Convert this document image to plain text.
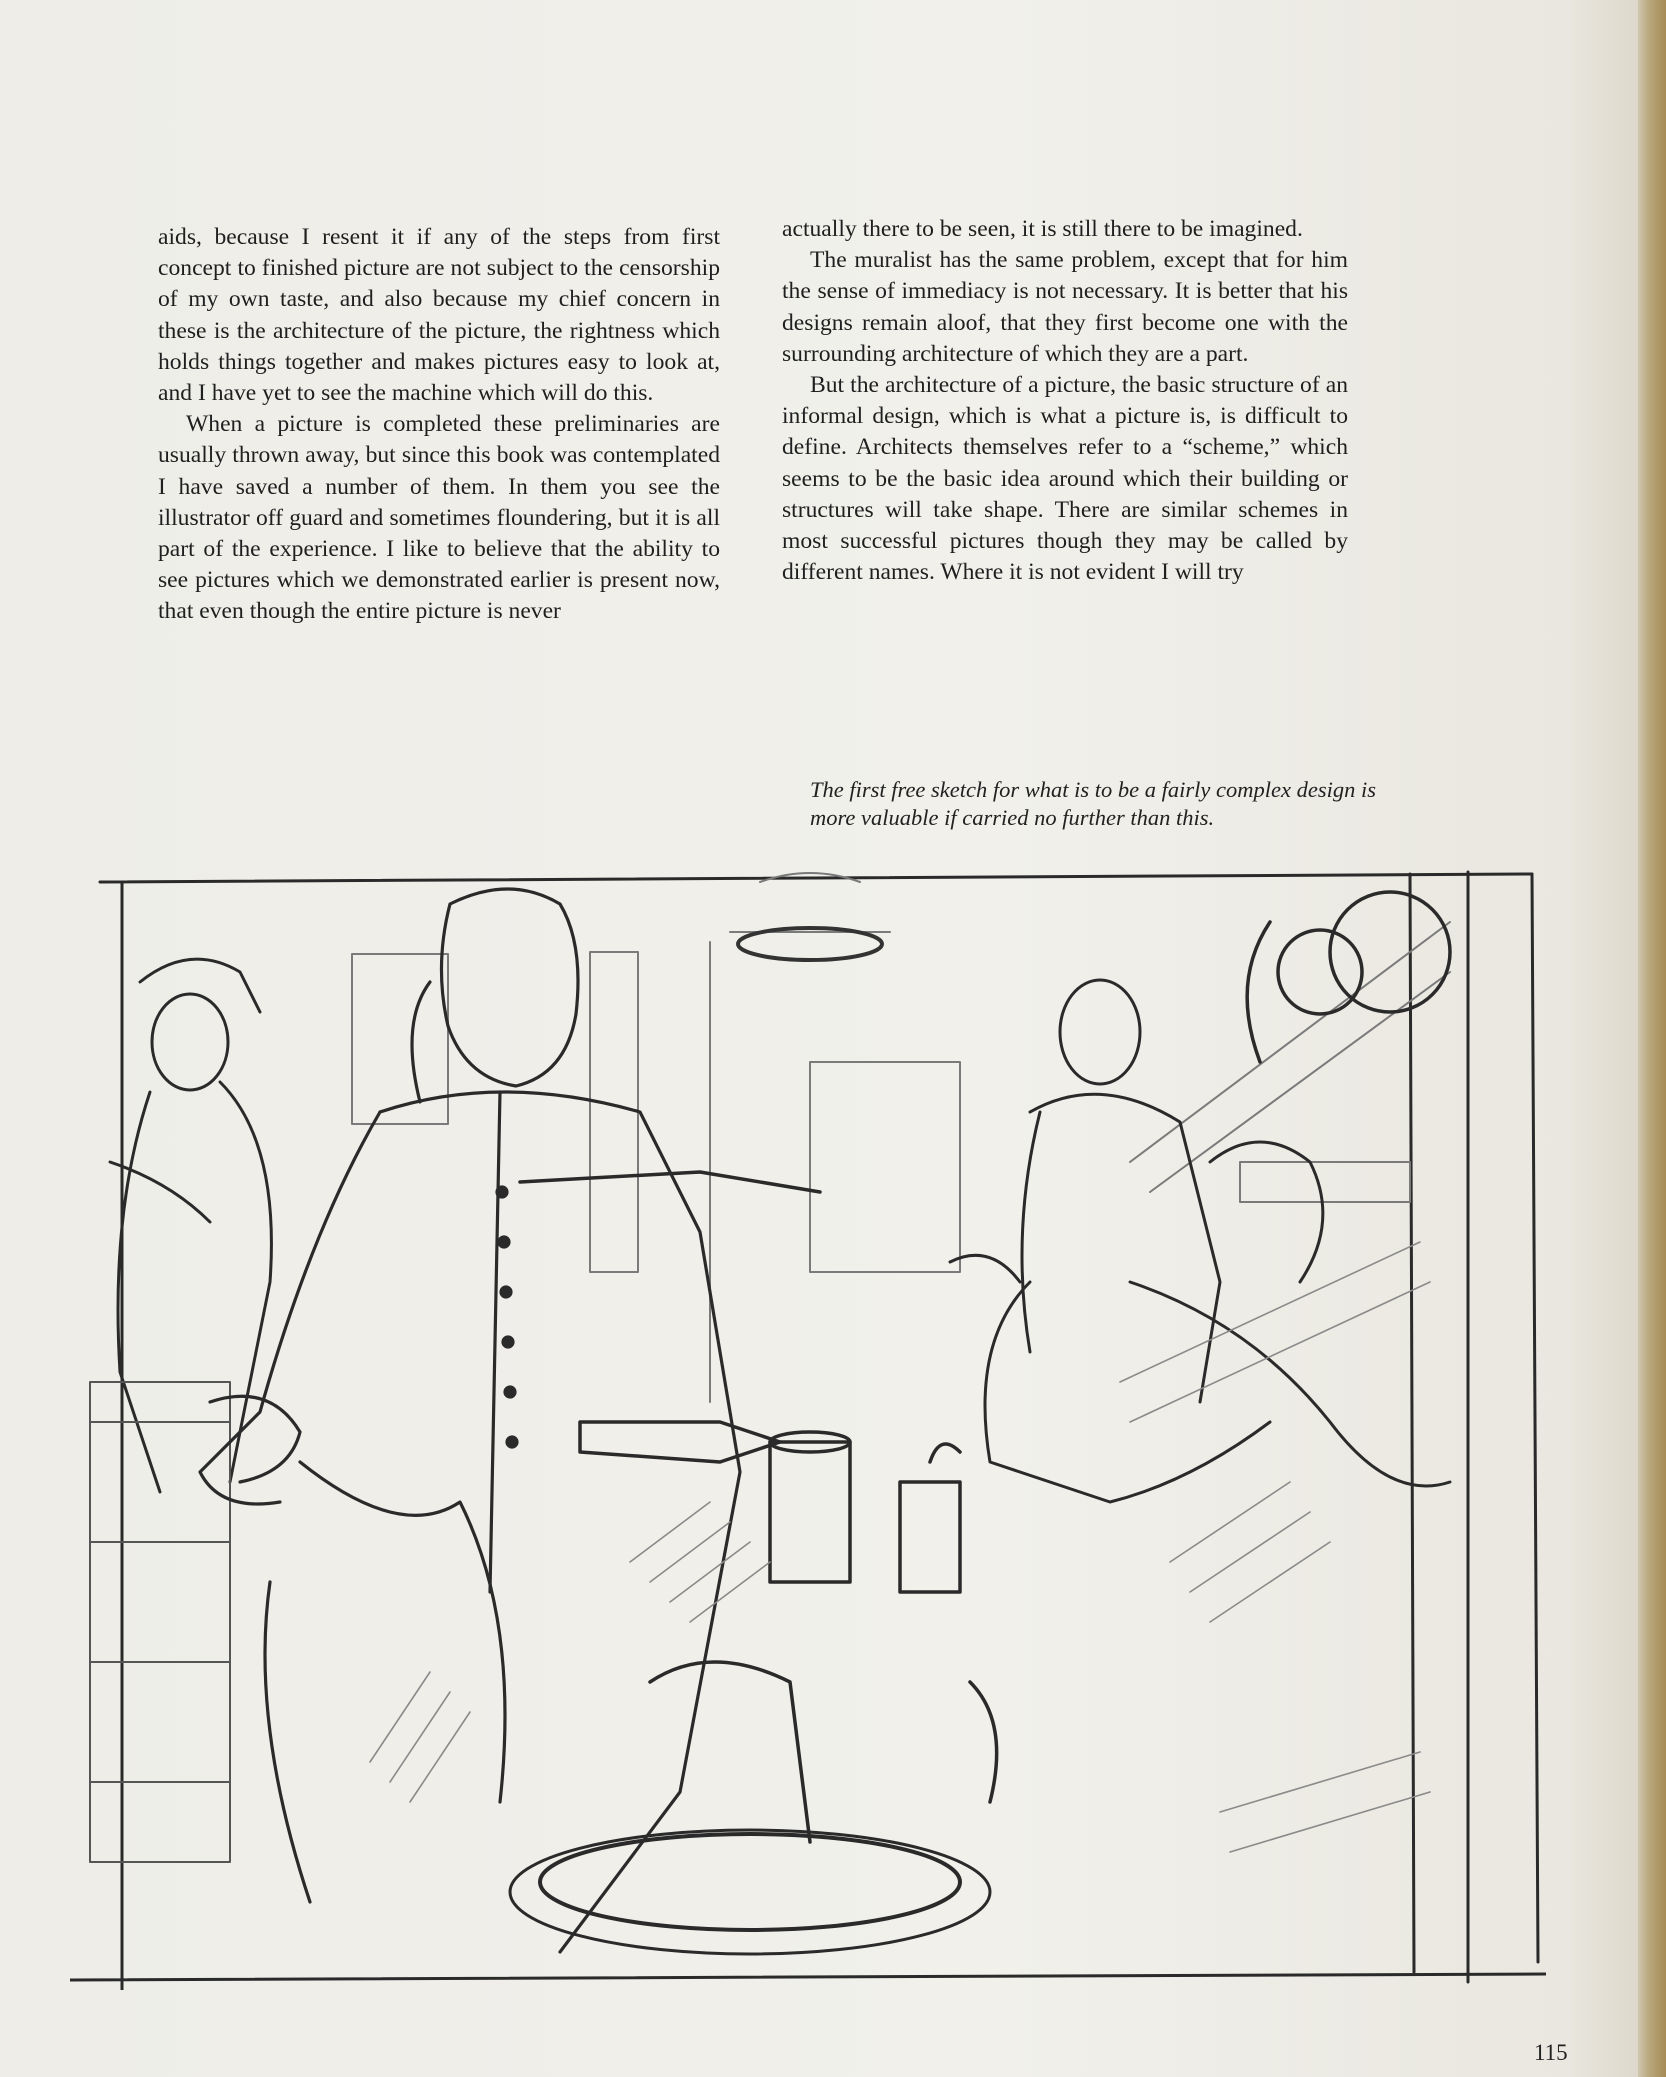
aids, because I resent it if any of the steps from first concept to finished picture are not subject to the censorship of my own taste, and also because my chief concern in these is the architecture of the picture, the rightness which holds things together and makes pictures easy to look at, and I have yet to see the machine which will do this.

When a picture is completed these preliminaries are usually thrown away, but since this book was contemplated I have saved a number of them. In them you see the illustrator off guard and sometimes floundering, but it is all part of the experience. I like to believe that the ability to see pictures which we demonstrated earlier is present now, that even though the entire picture is never

actually there to be seen, it is still there to be imagined.

The muralist has the same problem, except that for him the sense of immediacy is not necessary. It is better that his designs remain aloof, that they first become one with the surrounding architecture of which they are a part.

But the architecture of a picture, the basic structure of an informal design, which is what a picture is, is difficult to define. Architects themselves refer to a “scheme,” which seems to be the basic idea around which their building or structures will take shape. There are similar schemes in most successful pictures though they may be called by different names. Where it is not evident I will try

The first free sketch for what is to be a fairly complex design is more valuable if carried no further than this.
115
